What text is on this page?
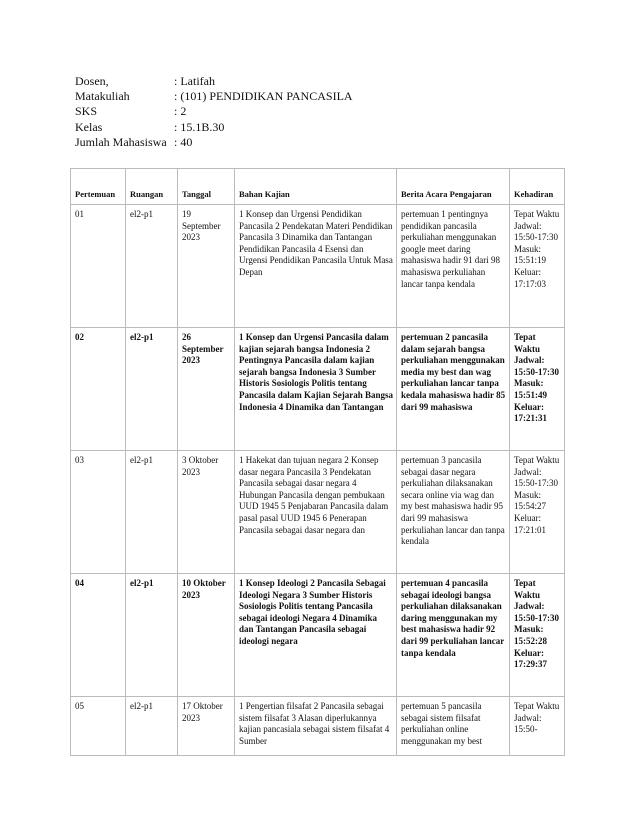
Dosen,	: Latifah
Matakuliah	: (101) PENDIDIKAN PANCASILA
SKS	: 2
Kelas	: 15.1B.30
Jumlah Mahasiswa : 40
Pertemuan	Ruangan	Tanggal	Bahan Kajian	Berita Acara Pengajaran	Kehadiran
01	el2-p1	19 September 2023	1 Konsep dan Urgensi Pendidikan Pancasila 2 Pendekatan Materi Pendidikan Pancasila 3 Dinamika dan Tantangan Pendidikan Pancasila 4 Esensi dan Urgensi Pendidikan Pancasila Untuk Masa Depan	pertemuan 1 pentingnya pendidikan pancasila perkuliahan menggunakan google meet daring mahasiswa hadir 91 dari 98 mahasiswa perkuliahan lancar tanpa kendala	Tepat Waktu Jadwal: 15:50-17:30 Masuk: 15:51:19 Keluar: 17:17:03
02	el2-p1	26 September 2023	1 Konsep dan Urgensi Pancasila dalam kajian sejarah bangsa Indonesia 2 Pentingnya Pancasila dalam kajian sejarah bangsa Indonesia 3 Sumber Historis Sosiologis Politis tentang Pancasila dalam Kajian Sejarah Bangsa Indonesia 4 Dinamika dan Tantangan	pertemuan 2 pancasila dalam sejarah bangsa perkuliahan menggunakan media my best dan wag perkuliahan lancar tanpa kedala mahasiswa hadir 85 dari 99 mahasiswa	Tepat Waktu Jadwal: 15:50-17:30 Masuk: 15:51:49 Keluar: 17:21:31
03	el2-p1	3 Oktober 2023	1 Hakekat dan tujuan negara 2 Konsep dasar negara Pancasila 3 Pendekatan Pancasila sebagai dasar negara 4 Hubungan Pancasila dengan pembukaan UUD 1945 5 Penjabaran Pancasila dalam pasal pasal UUD 1945 6 Penerapan Pancasila sebagai dasar negara dan	pertemuan 3 pancasila sebagai dasar negara perkuliahan dilaksanakan secara online via wag dan my best mahasiswa hadir 95 dari 99 mahasiswa perkuliahan lancar dan tanpa kendala	Tepat Waktu Jadwal: 15:50-17:30 Masuk: 15:54:27 Keluar: 17:21:01
04	el2-p1	10 Oktober 2023	1 Konsep Ideologi 2 Pancasila Sebagai Ideologi Negara 3 Sumber Historis Sosiologis Politis tentang Pancasila sebagai ideologi Negara 4 Dinamika dan Tantangan Pancasila sebagai ideologi negara	pertemuan 4 pancasila sebagai ideologi bangsa perkuliahan dilaksanakan daring menggunakan my best mahasiswa hadir 92 dari 99 perkuliahan lancar tanpa kendala	Tepat Waktu Jadwal: 15:50-17:30 Masuk: 15:52:28 Keluar: 17:29:37
05	el2-p1	17 Oktober 2023	1 Pengertian filsafat 2 Pancasila sebagai sistem filsafat 3 Alasan diperlukannya kajian pancasiala sebagai sistem filsafat 4 Sumber	pertemuan 5 pancasila sebagai sistem filsafat perkuliahan online menggunakan my best	Tepat Waktu Jadwal: 15:50-
